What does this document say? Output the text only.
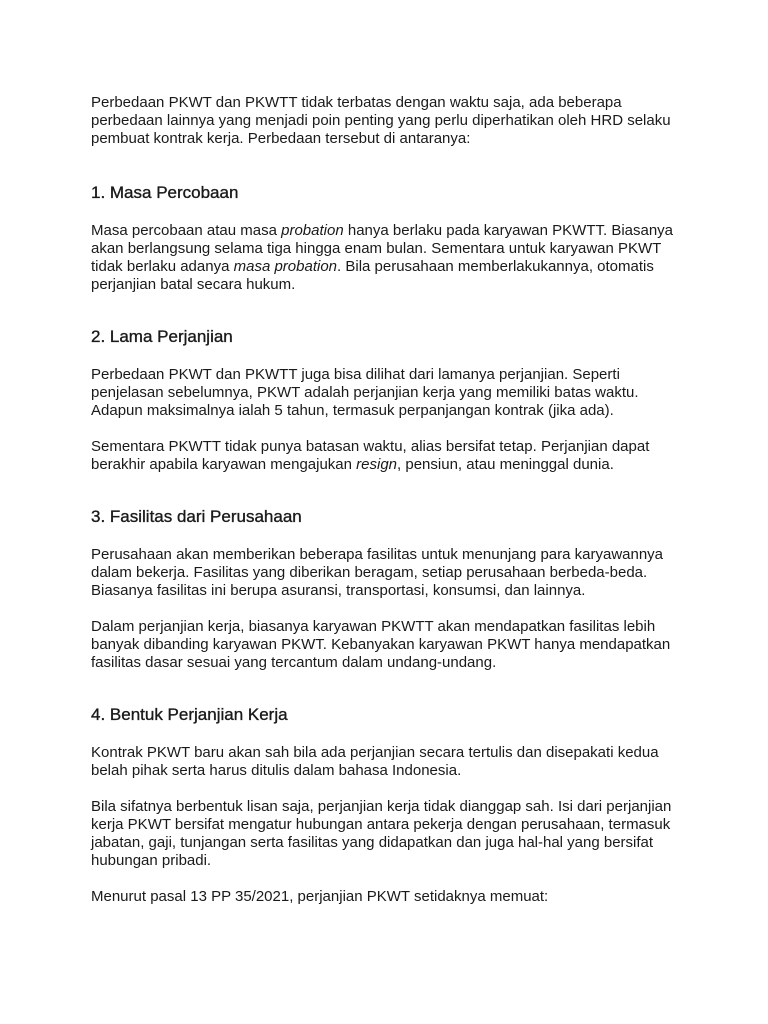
Perbedaan PKWT dan PKWTT tidak terbatas dengan waktu saja, ada beberapa perbedaan lainnya yang menjadi poin penting yang perlu diperhatikan oleh HRD selaku pembuat kontrak kerja. Perbedaan tersebut di antaranya:

1. Masa Percobaan

Masa percobaan atau masa probation hanya berlaku pada karyawan PKWTT. Biasanya akan berlangsung selama tiga hingga enam bulan. Sementara untuk karyawan PKWT tidak berlaku adanya masa probation. Bila perusahaan memberlakukannya, otomatis perjanjian batal secara hukum.

2. Lama Perjanjian

Perbedaan PKWT dan PKWTT juga bisa dilihat dari lamanya perjanjian. Seperti penjelasan sebelumnya, PKWT adalah perjanjian kerja yang memiliki batas waktu. Adapun maksimalnya ialah 5 tahun, termasuk perpanjangan kontrak (jika ada).

Sementara PKWTT tidak punya batasan waktu, alias bersifat tetap. Perjanjian dapat berakhir apabila karyawan mengajukan resign, pensiun, atau meninggal dunia.

3. Fasilitas dari Perusahaan

Perusahaan akan memberikan beberapa fasilitas untuk menunjang para karyawannya dalam bekerja. Fasilitas yang diberikan beragam, setiap perusahaan berbeda-beda. Biasanya fasilitas ini berupa asuransi, transportasi, konsumsi, dan lainnya.

Dalam perjanjian kerja, biasanya karyawan PKWTT akan mendapatkan fasilitas lebih banyak dibanding karyawan PKWT. Kebanyakan karyawan PKWT hanya mendapatkan fasilitas dasar sesuai yang tercantum dalam undang-undang.

4. Bentuk Perjanjian Kerja

Kontrak PKWT baru akan sah bila ada perjanjian secara tertulis dan disepakati kedua belah pihak serta harus ditulis dalam bahasa Indonesia.

Bila sifatnya berbentuk lisan saja, perjanjian kerja tidak dianggap sah. Isi dari perjanjian kerja PKWT bersifat mengatur hubungan antara pekerja dengan perusahaan, termasuk jabatan, gaji, tunjangan serta fasilitas yang didapatkan dan juga hal-hal yang bersifat hubungan pribadi.

Menurut pasal 13 PP 35/2021, perjanjian PKWT setidaknya memuat:
